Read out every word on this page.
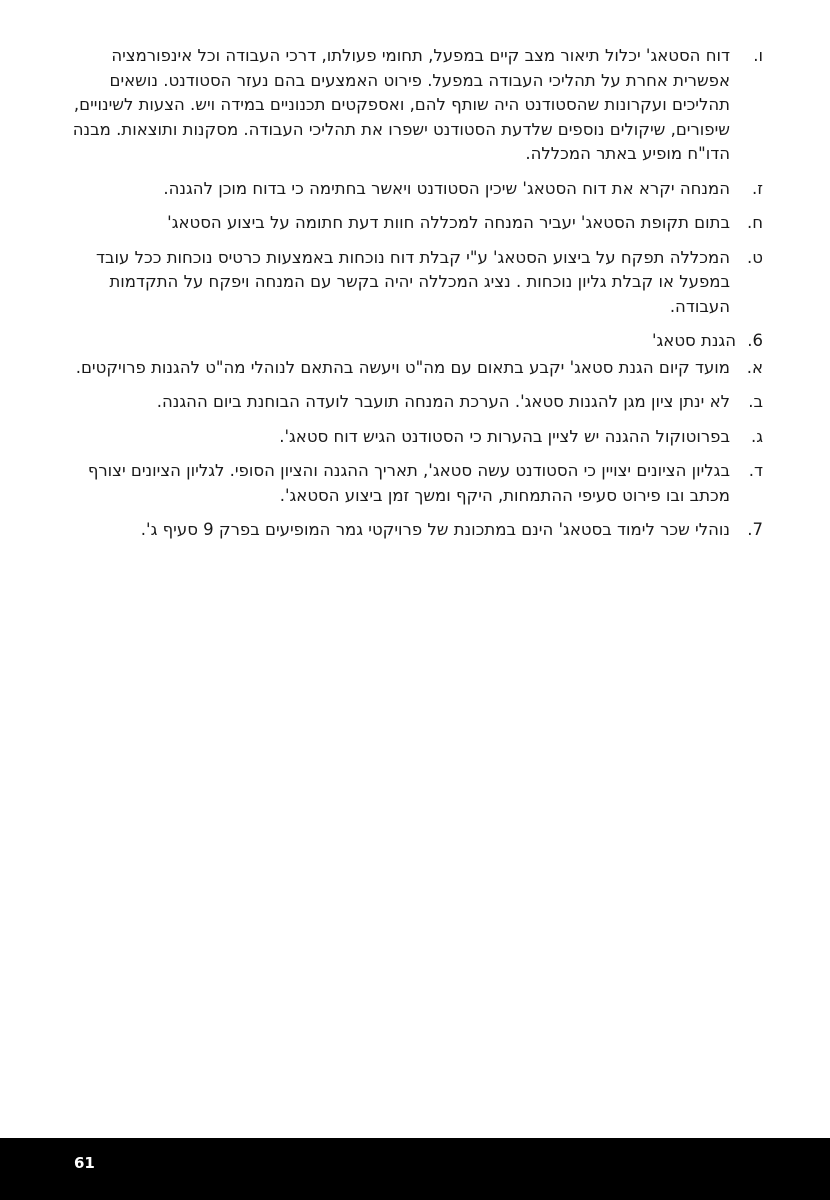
ו.
דוח הסטאג' יכלול תיאור מצב קיים במפעל, תחומי פעולתו, דרכי העבודה וכל אינפורמציה אפשרית אחרת על תהליכי העבודה במפעל. פירוט האמצעים בהם נעזר הסטודנט. נושאים תהליכים ועקרונות שהסטודנט היה שותף להם, ואספקטים תכנוניים במידה ויש. הצעות לשינויים, שיפורים, שיקולים נוספים שלדעת הסטודנט ישפרו את תהליכי העבודה. מסקנות ותוצאות. מבנה הדו"ח מופיע באתר המכללה.
ז.
המנחה יקרא את דוח הסטאג' שיכין הסטודנט ויאשר בחתימה כי בדוח מוכן להגנה.
ח.
בתום תקופת הסטאג' יעביר המנחה למכללה חוות דעת חתומה על ביצוע הסטאג'
ט.
המכללה תפקח על ביצוע הסטאג' ע"י קבלת דוח נוכחות באמצעות כרטיס נוכחות ככל עובד במפעל או קבלת גליון נוכחות . נציג המכללה יהיה בקשר עם המנחה ויפקח על התקדמות העבודה.
.6
הגנת סטאג'
א.
מועד קיום הגנת סטאג' יקבע בתאום עם מה"ט ויעשה בהתאם לנוהלי מה"ט להגנות פרויקטים.
ב.
לא ינתן ציון מגן להגנות סטאג'. הערכת המנחה תועבר לועדה הבוחנת ביום ההגנה.
ג.
בפרוטוקול ההגנה יש לציין בהערות כי הסטודנט הגיש דוח סטאג'.
ד.
בגליון הציונים יצויין כי הסטודנט עשה סטאג', תאריך ההגנה והציון הסופי. לגליון הציונים יצורף מכתב ובו פירוט סעיפי ההתמחות, היקף ומשך זמן ביצוע הסטאג'.
.7
נוהלי שכר לימוד בסטאג' הינם במתכונת של פרויקטי גמר המופיעים בפרק 9 סעיף ג'.
61
